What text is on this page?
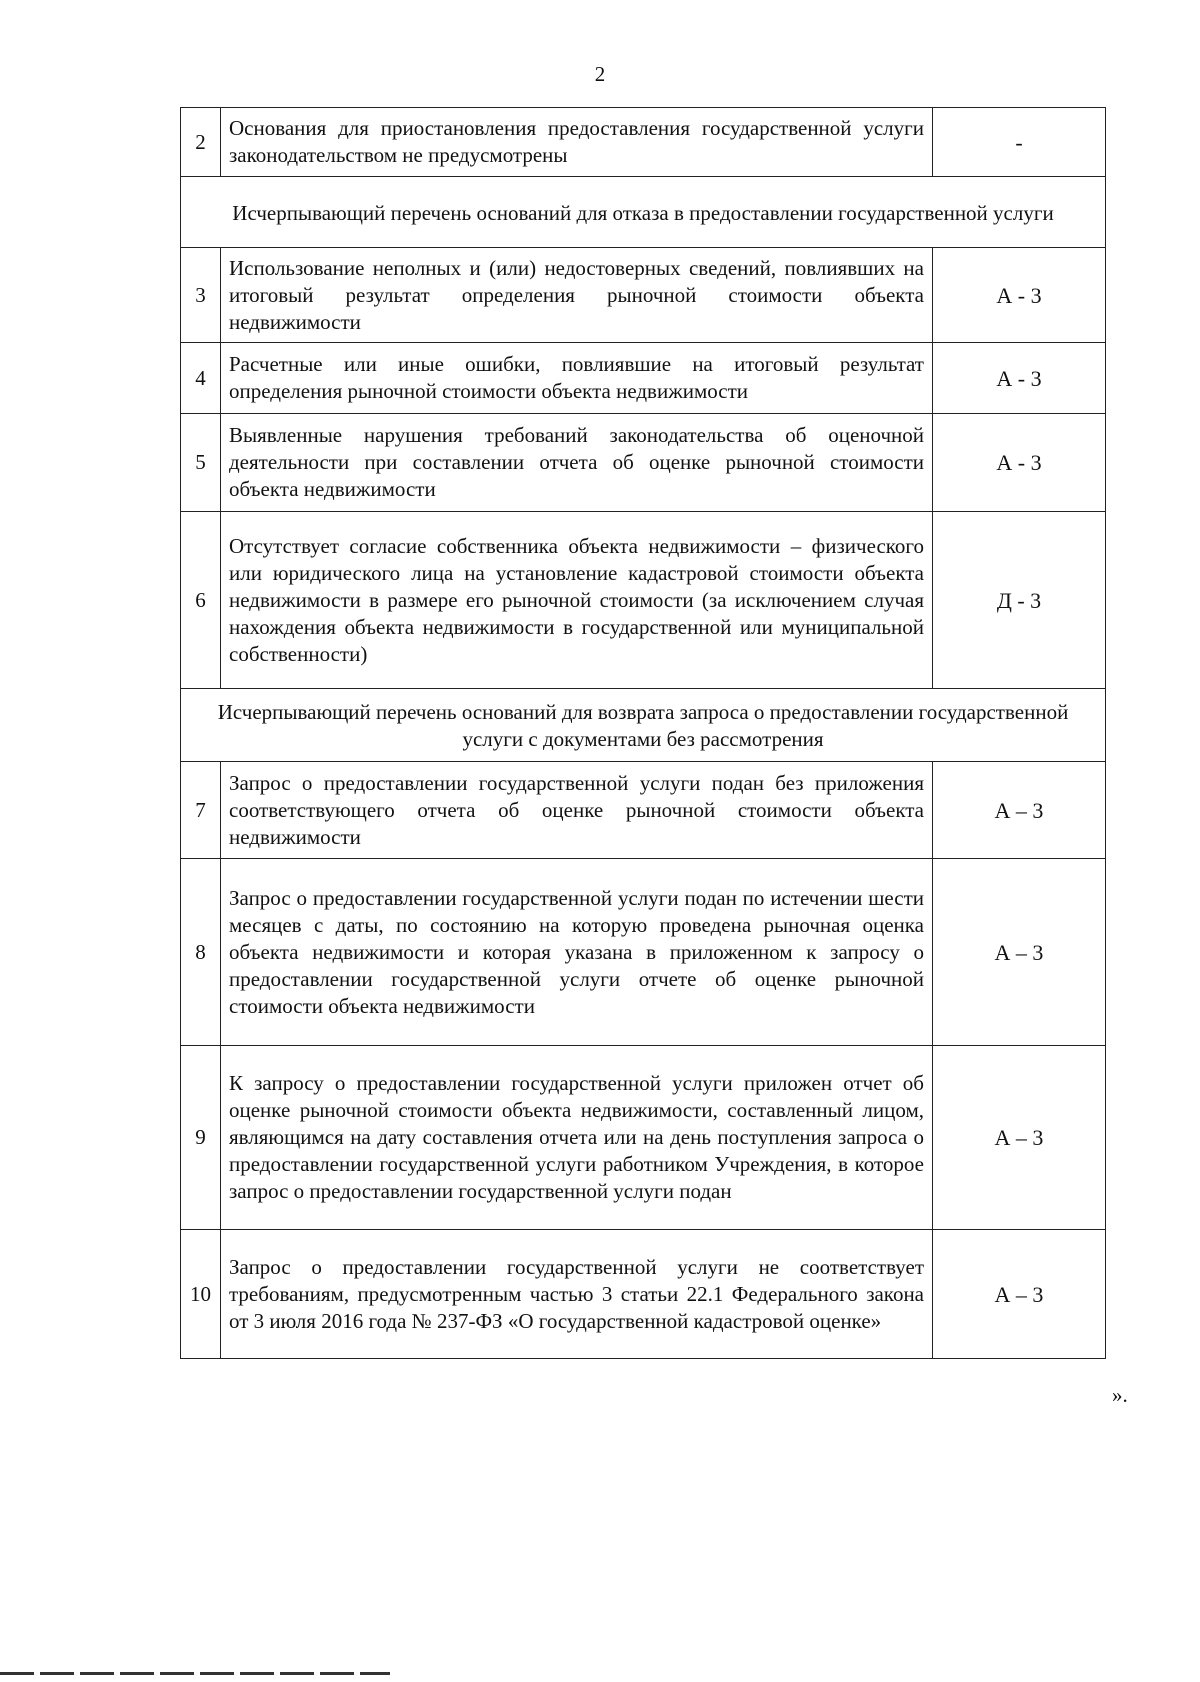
2
2	Основания для приостановления предоставления государственной услуги законодательством не предусмотрены	-
Исчерпывающий перечень оснований для отказа в предоставлении государственной услуги		
3	Использование неполных и (или) недостоверных сведений, повлиявших на итоговый результат определения рыночной стоимости объекта недвижимости	А - 3
4	Расчетные или иные ошибки, повлиявшие на итоговый результат определения рыночной стоимости объекта недвижимости	А - 3
5	Выявленные нарушения требований законодательства об оценочной деятельности при составлении отчета об оценке рыночной стоимости объекта недвижимости	А - 3
6	Отсутствует согласие собственника объекта недвижимости – физического или юридического лица на установление кадастровой стоимости объекта недвижимости в размере его рыночной стоимости (за исключением случая нахождения объекта недвижимости в государственной или муниципальной собственности)	Д - 3
Исчерпывающий перечень оснований для возврата запроса о предоставлении государственной услуги с документами без рассмотрения		
7	Запрос о предоставлении государственной услуги подан без приложения соответствующего отчета об оценке рыночной стоимости объекта недвижимости	А – 3
8	Запрос о предоставлении государственной услуги подан по истечении шести месяцев с даты, по состоянию на которую проведена рыночная оценка объекта недвижимости и которая указана в приложенном к запросу о предоставлении государственной услуги отчете об оценке рыночной стоимости объекта недвижимости	А – 3
9	К запросу о предоставлении государственной услуги приложен отчет об оценке рыночной стоимости объекта недвижимости, составленный лицом, являющимся на дату составления отчета или на день поступления запроса о предоставлении государственной услуги работником Учреждения, в которое запрос о предоставлении государственной услуги подан	А – 3
10	Запрос о предоставлении государственной услуги не соответствует требованиям, предусмотренным частью 3 статьи 22.1 Федерального закона от 3 июля 2016 года № 237-ФЗ «О государственной кадастровой оценке»	А – 3
».
